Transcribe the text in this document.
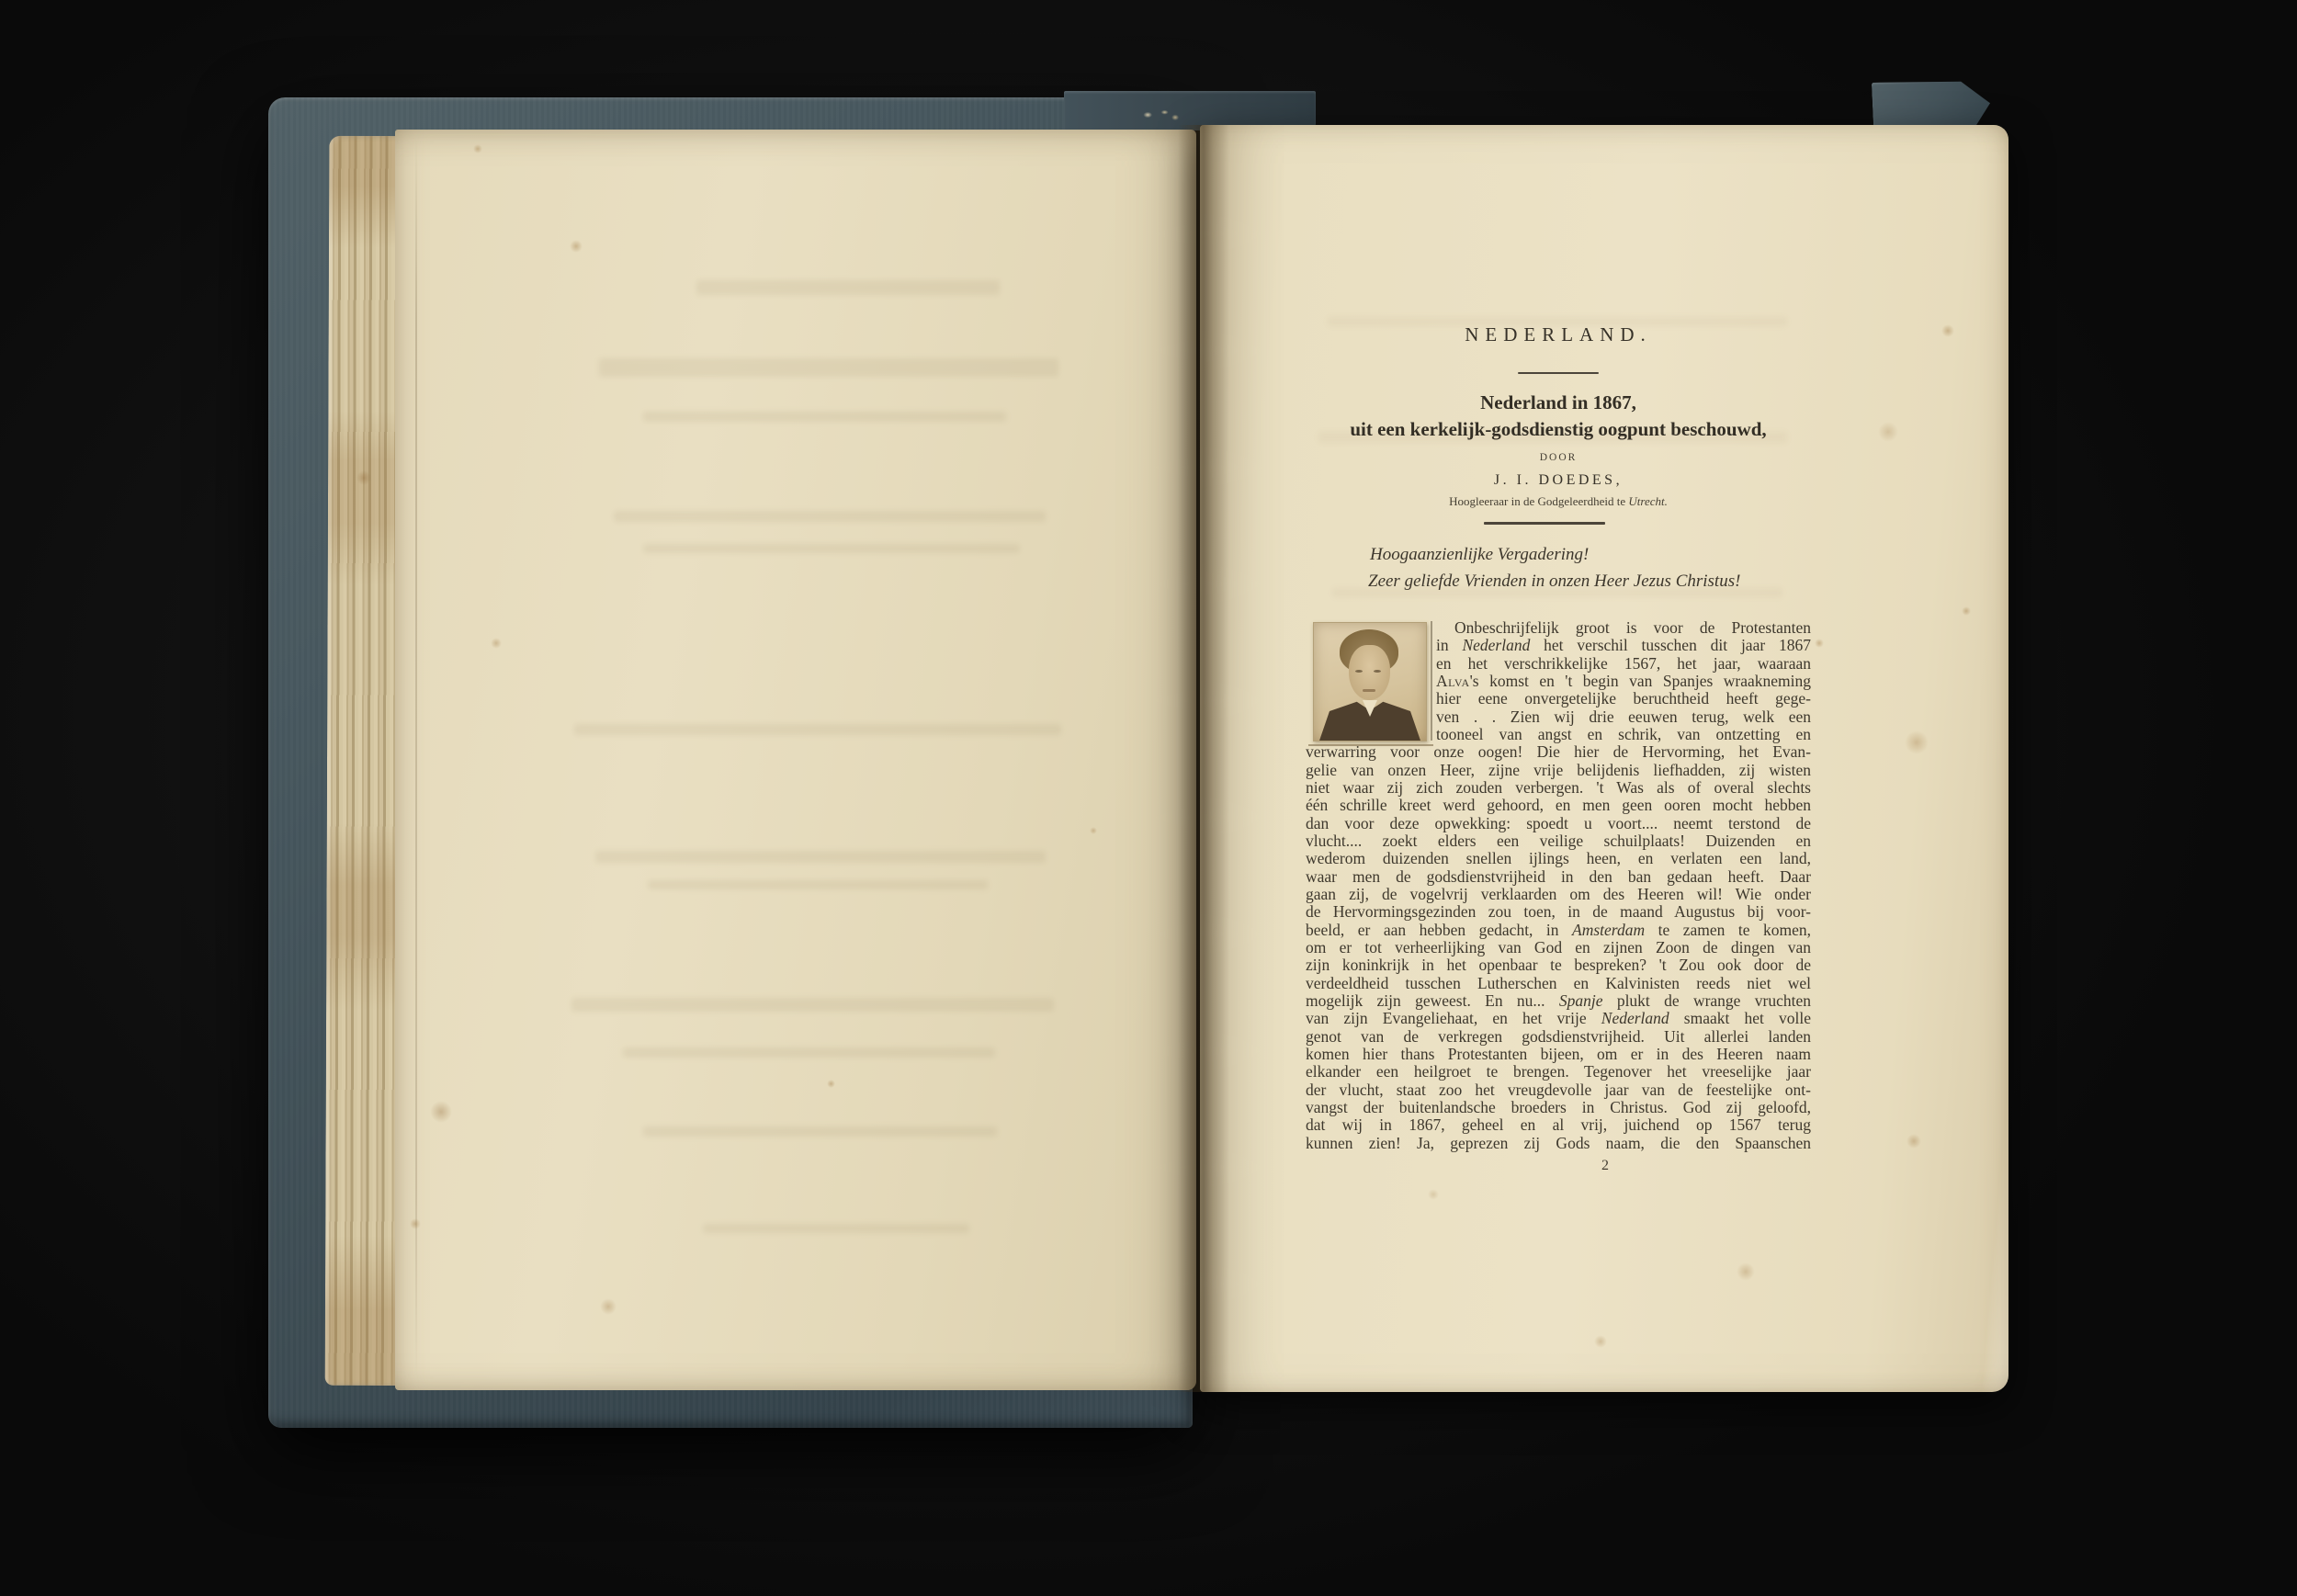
NEDERLAND.
Nederland in 1867,
uit een kerkelijk-godsdienstig oogpunt beschouwd,
DOOR
J. I. DOEDES,
Hoogleeraar in de Godgeleerdheid te Utrecht.
Hoogaanzienlijke Vergadering!
Zeer geliefde Vrienden in onzen Heer Jezus Christus!
Onbeschrijfelijk groot is voor de Protestanten
in Nederland het verschil tusschen dit jaar 1867
en het verschrikkelijke 1567, het jaar, waaraan
Alva's komst en 't begin van Spanjes wraakneming
hier eene onvergetelijke beruchtheid heeft gege-
ven . . Zien wij drie eeuwen terug, welk een
tooneel van angst en schrik, van ontzetting en
verwarring voor onze oogen! Die hier de Hervorming, het Evan-
gelie van onzen Heer, zijne vrije belijdenis liefhadden, zij wisten
niet waar zij zich zouden verbergen. 't Was als of overal slechts
één schrille kreet werd gehoord, en men geen ooren mocht hebben
dan voor deze opwekking: spoedt u voort.... neemt terstond de
vlucht.... zoekt elders een veilige schuilplaats! Duizenden en
wederom duizenden snellen ijlings heen, en verlaten een land,
waar men de godsdienstvrijheid in den ban gedaan heeft. Daar
gaan zij, de vogelvrij verklaarden om des Heeren wil! Wie onder
de Hervormingsgezinden zou toen, in de maand Augustus bij voor-
beeld, er aan hebben gedacht, in Amsterdam te zamen te komen,
om er tot verheerlijking van God en zijnen Zoon de dingen van
zijn koninkrijk in het openbaar te bespreken? 't Zou ook door de
verdeeldheid tusschen Lutherschen en Kalvinisten reeds niet wel
mogelijk zijn geweest. En nu... Spanje plukt de wrange vruchten
van zijn Evangeliehaat, en het vrije Nederland smaakt het volle
genot van de verkregen godsdienstvrijheid. Uit allerlei landen
komen hier thans Protestanten bijeen, om er in des Heeren naam
elkander een heilgroet te brengen. Tegenover het vreeselijke jaar
der vlucht, staat zoo het vreugdevolle jaar van de feestelijke ont-
vangst der buitenlandsche broeders in Christus. God zij geloofd,
dat wij in 1867, geheel en al vrij, juichend op 1567 terug
kunnen zien! Ja, geprezen zij Gods naam, die den Spaanschen
2
